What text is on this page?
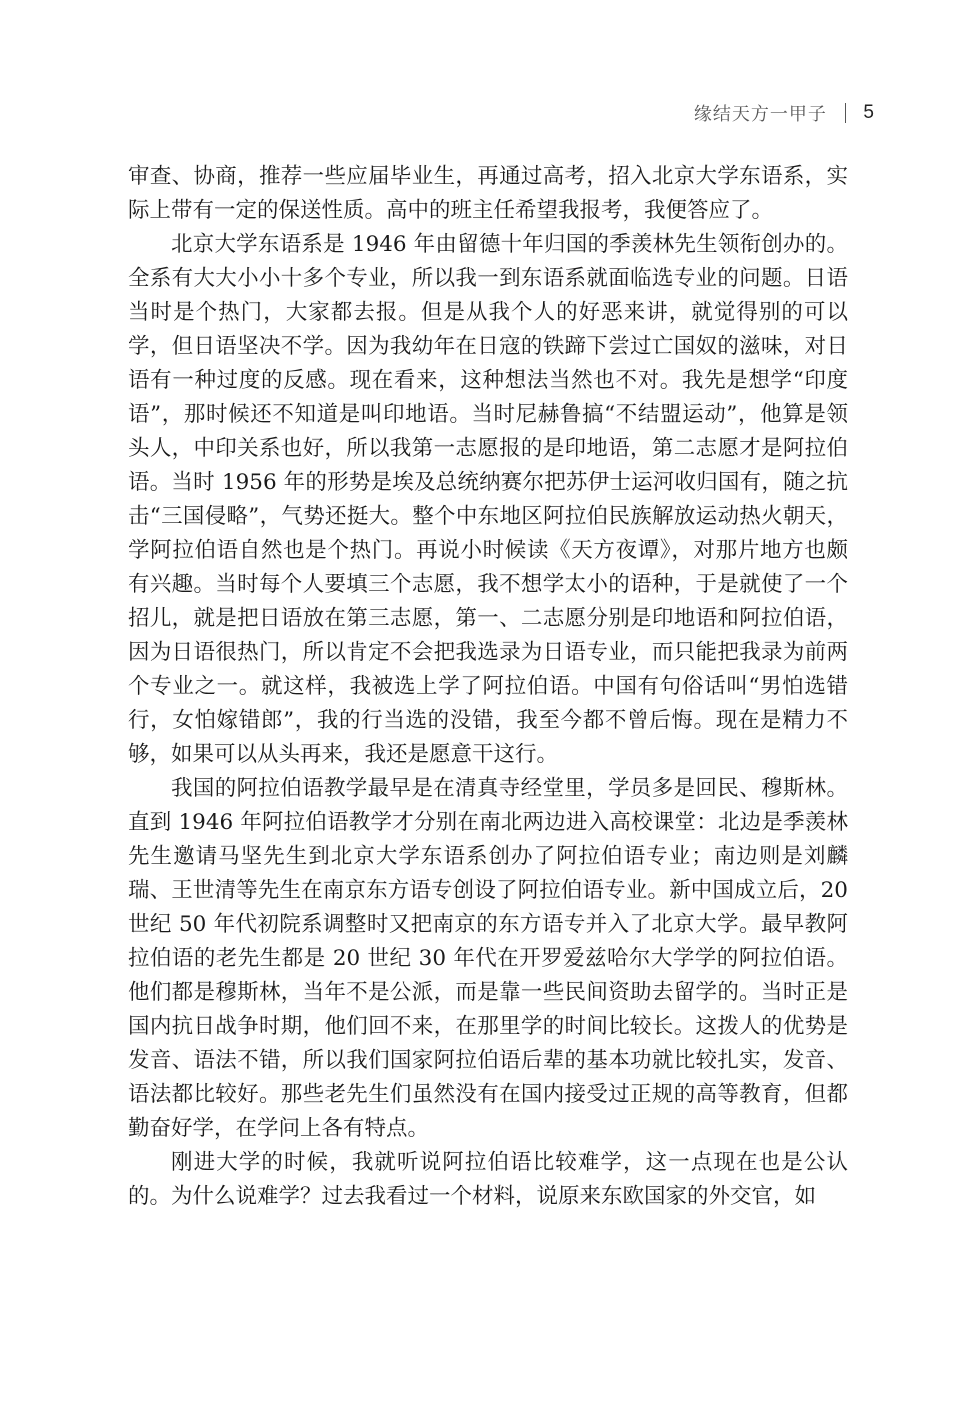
缘结天方一甲子 5

审查、协商，推荐一些应届毕业生，再通过高考，招入北京大学东语系，实际上带有一定的保送性质。高中的班主任希望我报考，我便答应了。

北京大学东语系是 1946 年由留德十年归国的季羡林先生领衔创办的。全系有大大小小十多个专业，所以我一到东语系就面临选专业的问题。日语当时是个热门，大家都去报。但是从我个人的好恶来讲，就觉得别的可以学，但日语坚决不学。因为我幼年在日寇的铁蹄下尝过亡国奴的滋味，对日语有一种过度的反感。现在看来，这种想法当然也不对。我先是想学“印度语”，那时候还不知道是叫印地语。当时尼赫鲁搞“不结盟运动”，他算是领头人，中印关系也好，所以我第一志愿报的是印地语，第二志愿才是阿拉伯语。当时 1956 年的形势是埃及总统纳赛尔把苏伊士运河收归国有，随之抗击“三国侵略”，气势还挺大。整个中东地区阿拉伯民族解放运动热火朝天，学阿拉伯语自然也是个热门。再说小时候读《天方夜谭》，对那片地方也颇有兴趣。当时每个人要填三个志愿，我不想学太小的语种，于是就使了一个招儿，就是把日语放在第三志愿，第一、二志愿分别是印地语和阿拉伯语，因为日语很热门，所以肯定不会把我选录为日语专业，而只能把我录为前两个专业之一。就这样，我被选上学了阿拉伯语。中国有句俗话叫“男怕选错行，女怕嫁错郎”，我的行当选的没错，我至今都不曾后悔。现在是精力不够，如果可以从头再来，我还是愿意干这行。

我国的阿拉伯语教学最早是在清真寺经堂里，学员多是回民、穆斯林。直到 1946 年阿拉伯语教学才分别在南北两边进入高校课堂：北边是季羡林先生邀请马坚先生到北京大学东语系创办了阿拉伯语专业；南边则是刘麟瑞、王世清等先生在南京东方语专创设了阿拉伯语专业。新中国成立后，20 世纪 50 年代初院系调整时又把南京的东方语专并入了北京大学。最早教阿拉伯语的老先生都是 20 世纪 30 年代在开罗爱兹哈尔大学学的阿拉伯语。他们都是穆斯林，当年不是公派，而是靠一些民间资助去留学的。当时正是国内抗日战争时期，他们回不来，在那里学的时间比较长。这拨人的优势是发音、语法不错，所以我们国家阿拉伯语后辈的基本功就比较扎实，发音、语法都比较好。那些老先生们虽然没有在国内接受过正规的高等教育，但都勤奋好学，在学问上各有特点。

刚进大学的时候，我就听说阿拉伯语比较难学，这一点现在也是公认的。为什么说难学？过去我看过一个材料，说原来东欧国家的外交官，如
